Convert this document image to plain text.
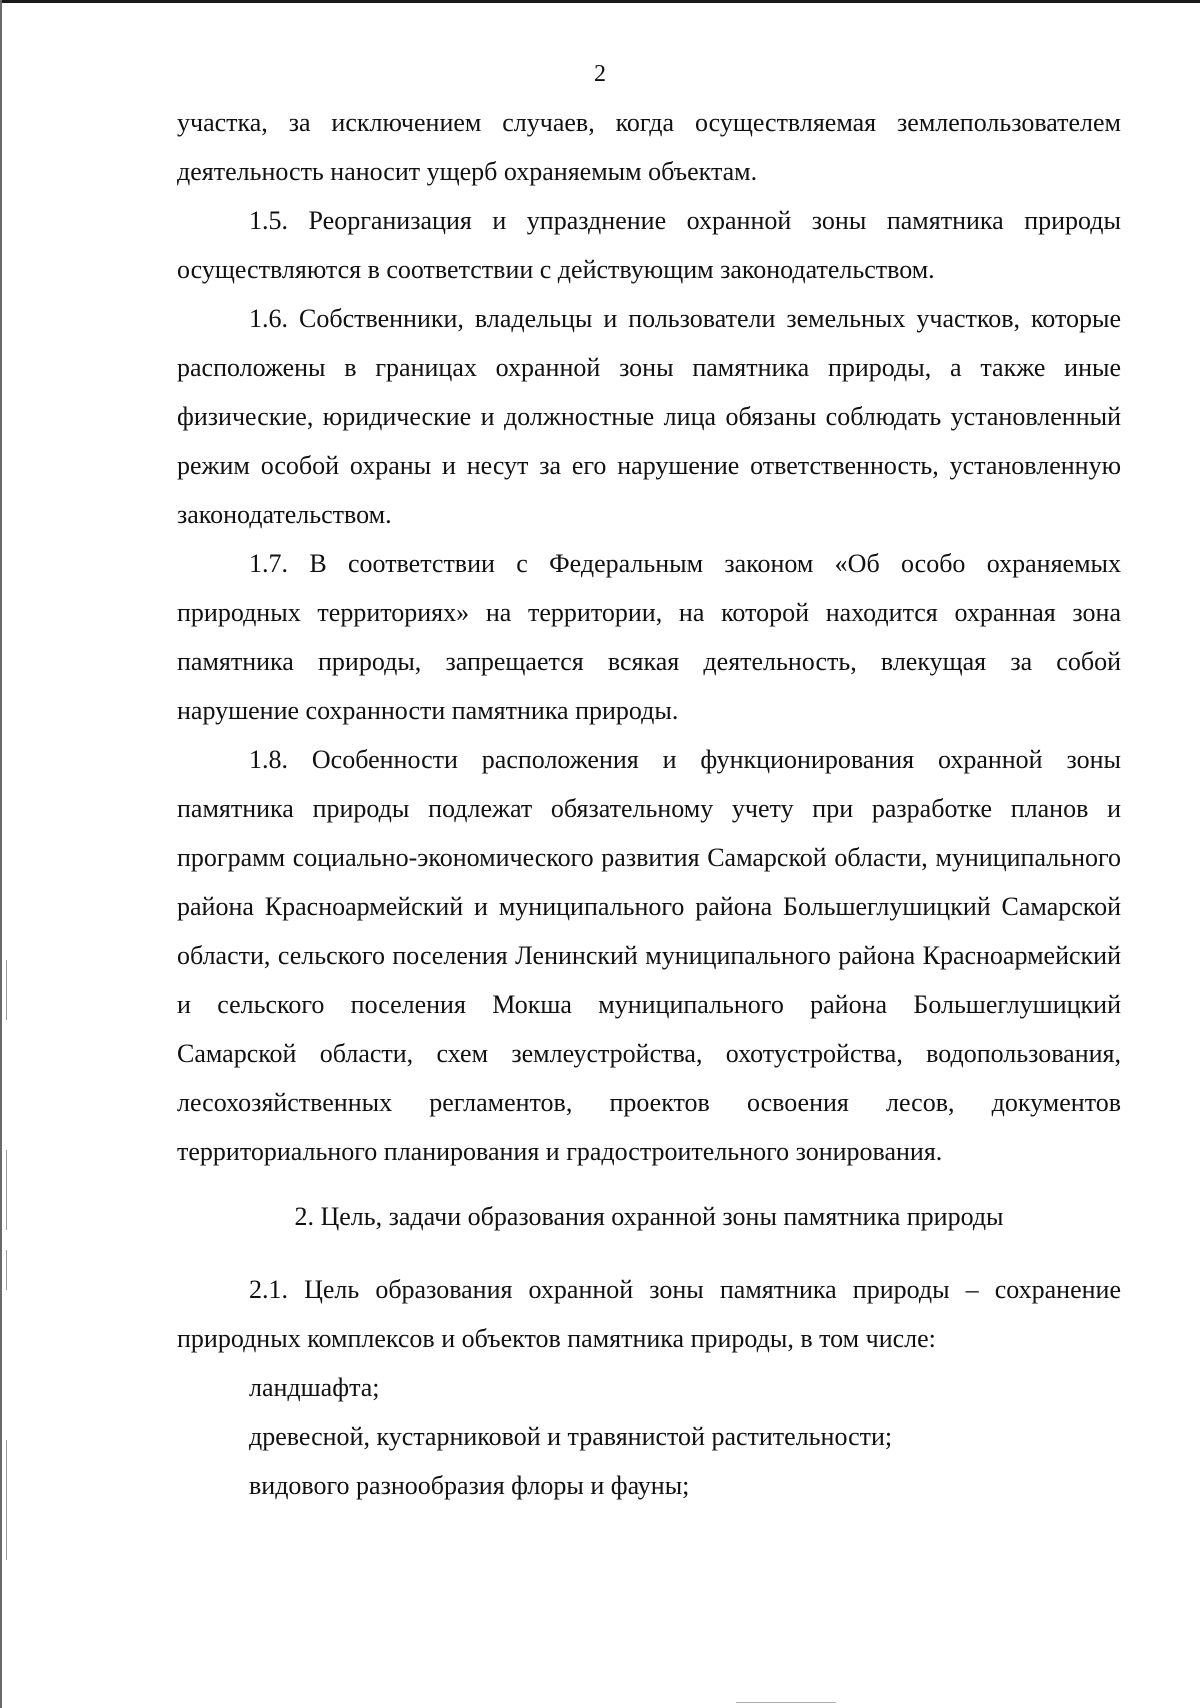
2

участка, за исключением случаев, когда осуществляемая землепользователем деятельность наносит ущерб охраняемым объектам.

1.5. Реорганизация и упразднение охранной зоны памятника природы осуществляются в соответствии с действующим законодательством.

1.6. Собственники, владельцы и пользователи земельных участков, которые расположены в границах охранной зоны памятника природы, а также иные физические, юридические и должностные лица обязаны соблюдать установленный режим особой охраны и несут за его нарушение ответственность, установленную законодательством.

1.7. В соответствии с Федеральным законом «Об особо охраняемых природных территориях» на территории, на которой находится охранная зона памятника природы, запрещается всякая деятельность, влекущая за собой нарушение сохранности памятника природы.

1.8. Особенности расположения и функционирования охранной зоны памятника природы подлежат обязательному учету при разработке планов и программ социально-экономического развития Самарской области, муниципального района Красноармейский и муниципального района Большеглушицкий Самарской области, сельского поселения Ленинский муниципального района Красноармейский и сельского поселения Мокша муниципального района Большеглушицкий Самарской области, схем землеустройства, охотустройства, водопользования, лесохозяйственных регламентов, проектов освоения лесов, документов территориального планирования и градостроительного зонирования.

2. Цель, задачи образования охранной зоны памятника природы

2.1. Цель образования охранной зоны памятника природы – сохранение природных комплексов и объектов памятника природы, в том числе:

ландшафта;

древесной, кустарниковой и травянистой растительности;

видового разнообразия флоры и фауны;
